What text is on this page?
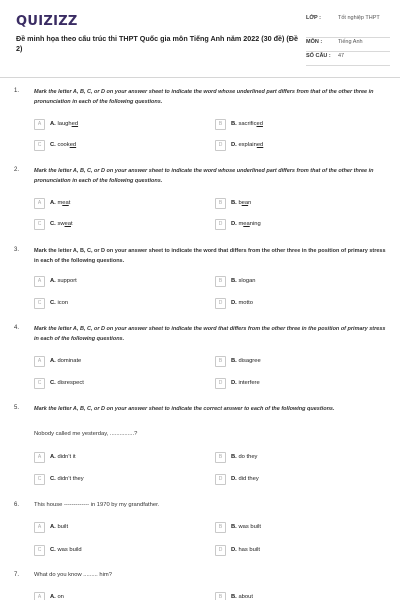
QUIZIZZ
Đề minh họa theo cấu trúc thi THPT Quốc gia môn Tiếng Anh năm 2022 (30 đề) (Đề 2)
LỚP :	Tốt nghiệp THPT
MÔN :	Tiếng Anh
SỐ CÂU :	47
1.	Mark the letter A, B, C, or D on your answer sheet to indicate the word whose underlined part differs from that of the other three in pronunciation in each of the following questions.
A	A. laughed	B	B. sacrificed
C	C. cooked	D	D. explained
2.	Mark the letter A, B, C, or D on your answer sheet to indicate the word whose underlined part differs from that of the other three in pronunciation in each of the following questions.
A	A. meat	B	B. bean
C	C. sweat	D	D. meaning
3.	Mark the letter A, B, C, or D on your answer sheet to indicate the word that differs from the other three in the position of primary stress in each of the following questions.
A	A. support	B	B. slogan
C	C. icon	D	D. motto
4.	Mark the letter A, B, C, or D on your answer sheet to indicate the word that differs from the other three in the position of primary stress in each of the following questions.
A	A. dominate	B	B. disagree
C	C. disrespect	D	D. interfere
5.	Mark the letter A, B, C, or D on your answer sheet to indicate the correct answer to each of the following questions.
Nobody called me yesterday, ...............?
A	A. didn't it	B	B. do they
C	C. didn't they	D	D. did they
6.	This house ------------- in 1970 by my grandfather.
A	A. built	B	B. was built
C	C. was build	D	D. has built
7.	What do you know ......... him?
A	A. on	B	B. about
